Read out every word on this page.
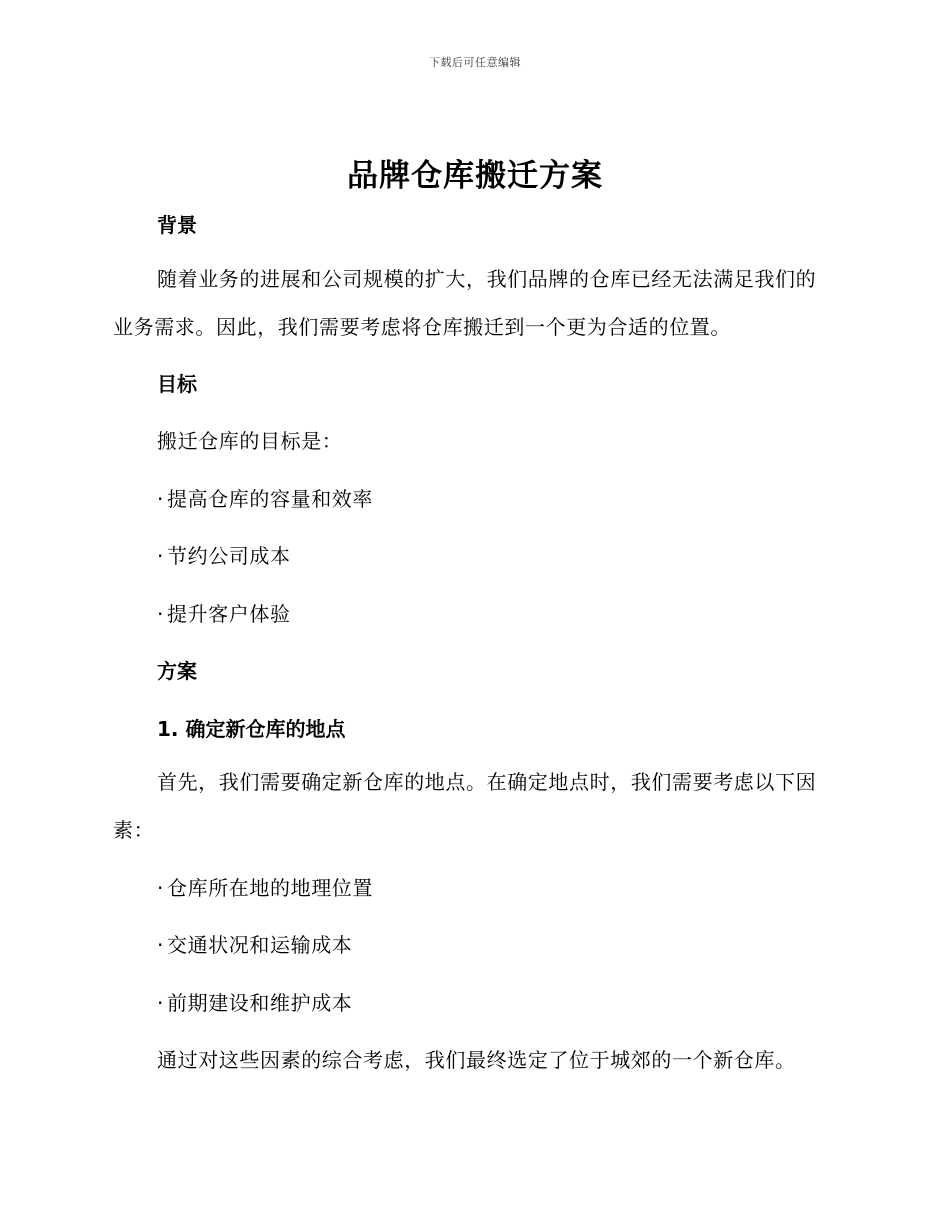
下载后可任意编辑
品牌仓库搬迁方案
背景

随着业务的进展和公司规模的扩大，我们品牌的仓库已经无法满足我们的业务需求。因此，我们需要考虑将仓库搬迁到一个更为合适的位置。

目标

搬迁仓库的目标是：

· 提高仓库的容量和效率

· 节约公司成本

· 提升客户体验

方案
1. 确定新仓库的地点

首先，我们需要确定新仓库的地点。在确定地点时，我们需要考虑以下因素：

· 仓库所在地的地理位置

· 交通状况和运输成本

· 前期建设和维护成本

通过对这些因素的综合考虑，我们最终选定了位于城郊的一个新仓库。
